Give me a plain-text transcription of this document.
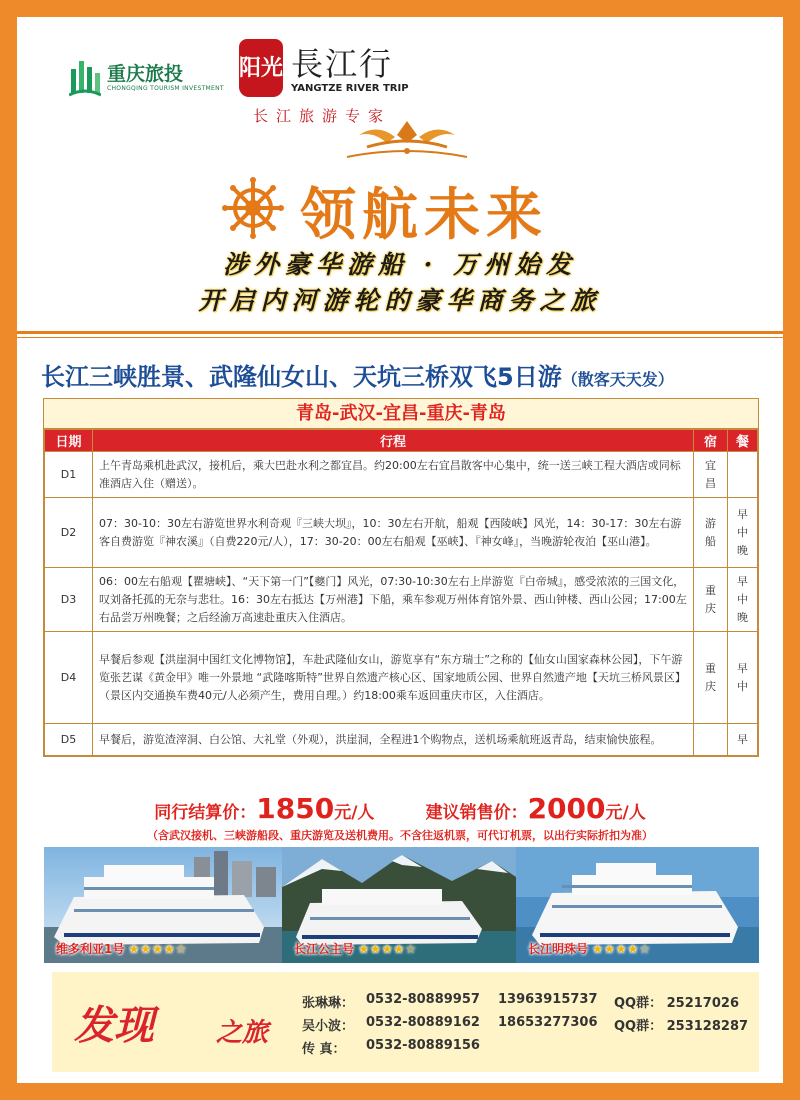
重庆旅投
CHONGQING TOURISM INVESTMENT
阳光 長江行
YANGTZE RIVER TRIP
长江旅游专家
领航未来
涉外豪华游船 · 万州始发
开启内河游轮的豪华商务之旅
长江三峡胜景、武隆仙女山、天坑三桥双飞5日游（散客天天发）
青岛-武汉-宜昌-重庆-青岛
日期	行程	宿	餐
D1	上午青岛乘机赴武汉，接机后，乘大巴赴水利之都宜昌。约20:00左右宜昌散客中心集中，统一送三峡工程大酒店或同标准酒店入住（赠送）。	宜昌	
D2	07：30-10：30左右游览世界水利奇观『三峡大坝』，10：30左右开航，船观【西陵峡】风光，14：30-17：30左右游客自费游览『神农溪』（自费220元/人），17：30-20：00左右船观【巫峡】、『神女峰』，当晚游轮夜泊【巫山港】。	游船	早中晚
D3	06：00左右船观【瞿塘峡】、“天下第一门”【夔门】风光，07:30-10:30左右上岸游览『白帝城』，感受浓浓的三国文化，叹刘备托孤的无奈与悲壮。16：30左右抵达【万州港】下船，乘车参观万州体育馆外景、西山钟楼、西山公园；17:00左右品尝万州晚餐；之后经渝万高速赴重庆入住酒店。	重庆	早中晚
D4	早餐后参观【洪崖洞中国红文化博物馆】，车赴武隆仙女山，游览享有“东方瑞士”之称的【仙女山国家森林公园】，下午游览张艺谋《黄金甲》唯一外景地 “武隆喀斯特”世界自然遗产核心区、国家地质公园、世界自然遗产地【天坑三桥风景区】（景区内交通换车费40元/人必须产生，费用自理。）约18:00乘车返回重庆市区，入住酒店。	重庆	早中
D5	早餐后，游览渣滓洞、白公馆、大礼堂（外观），洪崖洞，全程进1个购物点，送机场乘航班返青岛，结束愉快旅程。		早
同行结算价：1850元/人	建议销售价：2000元/人
（含武汉接机、三峡游船段、重庆游览及送机费用。不含往返机票，可代订机票，以出行实际折扣为准）
维多利亚1号 ★★★★☆	长江公主号 ★★★★☆	长江明珠号 ★★★★☆
发现 之旅
张琳琳： 0532-80889957 13963915737 QQ群： 25217026
吴小波： 0532-80889162 18653277306 QQ群： 253128287
传 真： 0532-80889156
